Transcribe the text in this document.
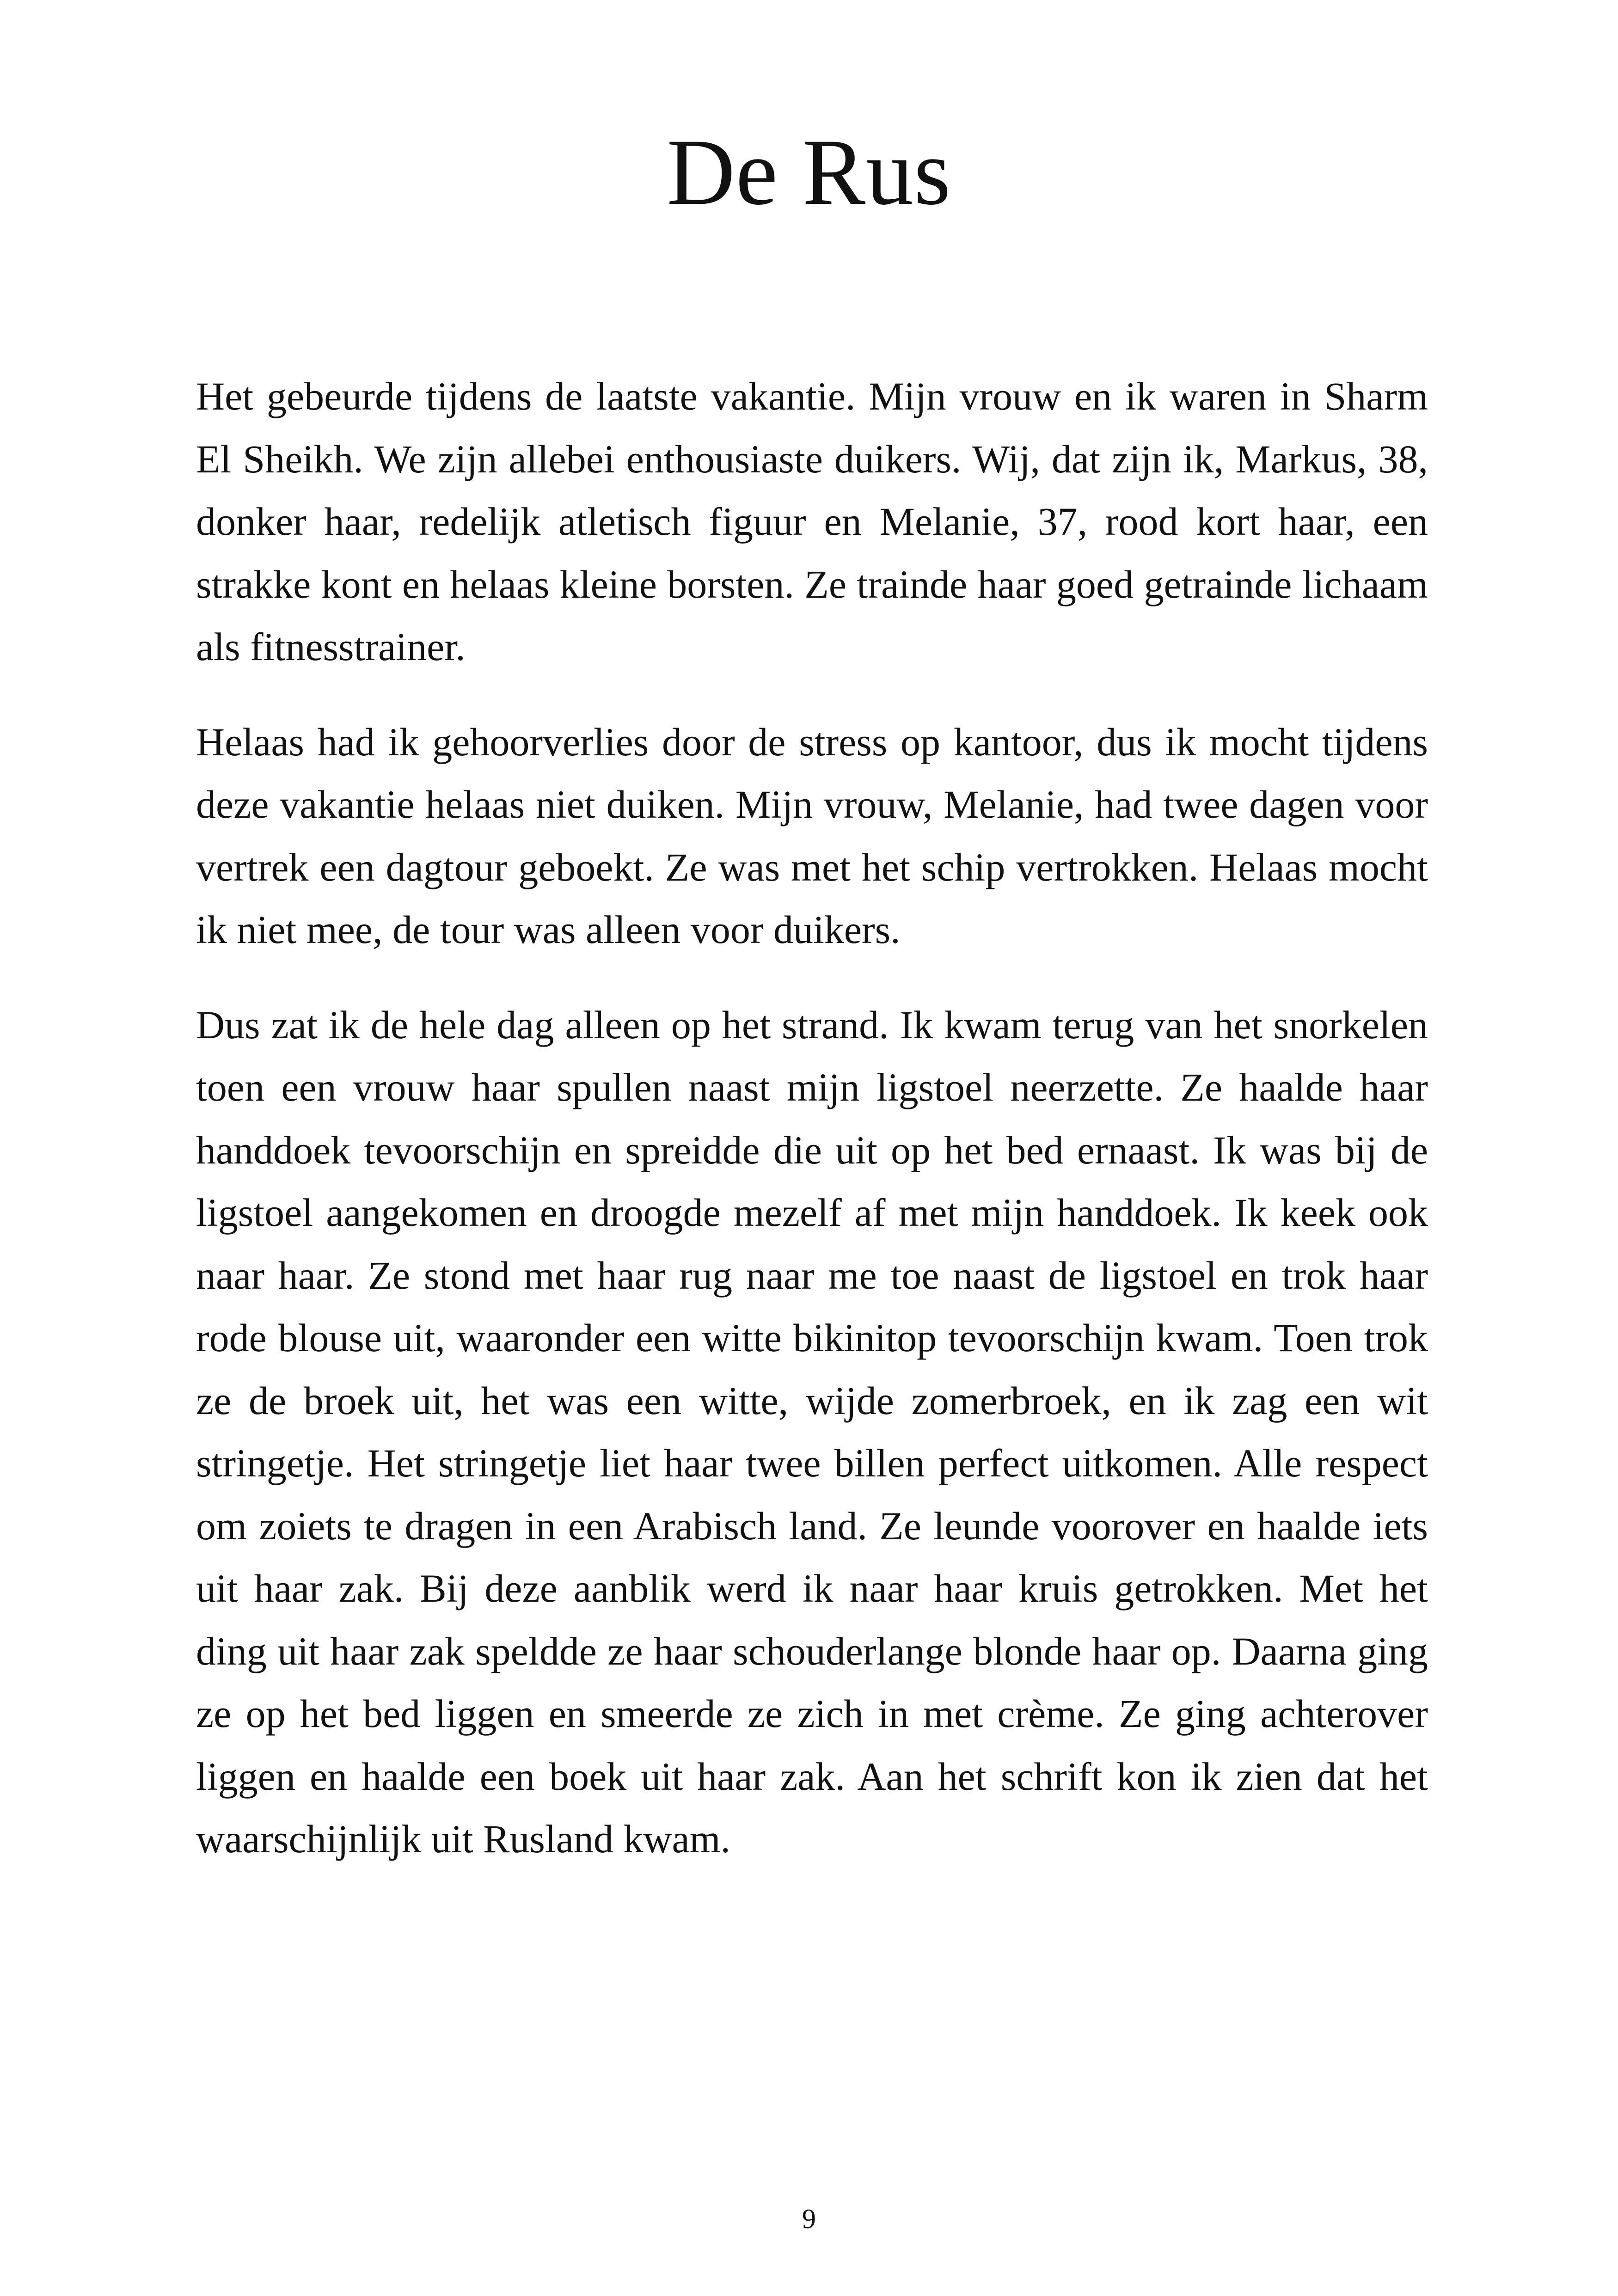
De Rus

Het gebeurde tijdens de laatste vakantie. Mijn vrouw en ik waren in Sharm El Sheikh. We zijn allebei enthousiaste duikers. Wij, dat zijn ik, Markus, 38, donker haar, redelijk atletisch figuur en Melanie, 37, rood kort haar, een strakke kont en helaas kleine borsten. Ze trainde haar goed getrainde lichaam als fitnesstrainer.

Helaas had ik gehoorverlies door de stress op kantoor, dus ik mocht tijdens deze vakantie helaas niet duiken. Mijn vrouw, Melanie, had twee dagen voor vertrek een dagtour geboekt. Ze was met het schip vertrokken. Helaas mocht ik niet mee, de tour was alleen voor duikers.

Dus zat ik de hele dag alleen op het strand. Ik kwam terug van het snorkelen toen een vrouw haar spullen naast mijn ligstoel neerzette. Ze haalde haar handdoek tevoorschijn en spreidde die uit op het bed ernaast. Ik was bij de ligstoel aangekomen en droogde mezelf af met mijn handdoek. Ik keek ook naar haar. Ze stond met haar rug naar me toe naast de ligstoel en trok haar rode blouse uit, waaronder een witte bikinitop tevoorschijn kwam. Toen trok ze de broek uit, het was een witte, wijde zomerbroek, en ik zag een wit stringetje. Het stringetje liet haar twee billen perfect uitkomen. Alle respect om zoiets te dragen in een Arabisch land. Ze leunde voorover en haalde iets uit haar zak. Bij deze aanblik werd ik naar haar kruis getrokken. Met het ding uit haar zak speldde ze haar schouderlange blonde haar op. Daarna ging ze op het bed liggen en smeerde ze zich in met crème. Ze ging achterover liggen en haalde een boek uit haar zak. Aan het schrift kon ik zien dat het waarschijnlijk uit Rusland kwam.

9
